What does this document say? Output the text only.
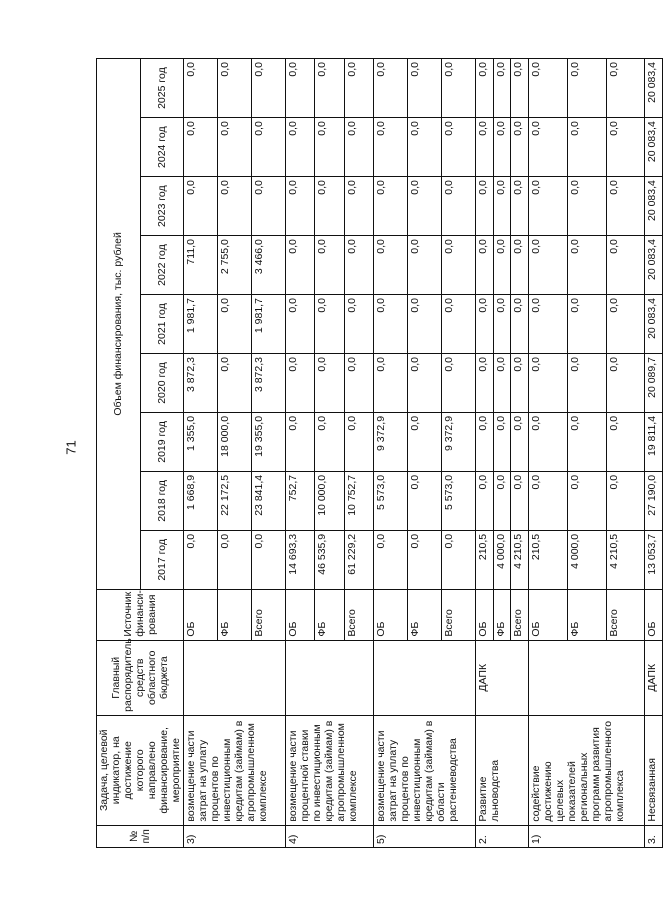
71
№ п/п	Задача, целевой индикатор, на достижение которого направлено финансирование, мероприятие	Главный распорядитель средств областного бюджета	Источник финанси-рования	Объем финансирования, тыс. рублей								
				2017 год	2018 год	2019 год	2020 год	2021 год	2022 год	2023 год	2024 год	2025 год
3)	возмещение части затрат на уплату процентов по инвестиционным кредитам (займам) в агропромышленном комплексе		ОБ	0,0	1 668,9	1 355,0	3 872,3	1 981,7	711,0	0,0	0,0	0,0
			ФБ	0,0	22 172,5	18 000,0	0,0	0,0	2 755,0	0,0	0,0	0,0
			Всего	0,0	23 841,4	19 355,0	3 872,3	1 981,7	3 466,0	0,0	0,0	0,0
4)	возмещение части процентной ставки по инвестиционным кредитам (займам) в агропромышленном комплексе		ОБ	14 693,3	752,7	0,0	0,0	0,0	0,0	0,0	0,0	0,0
			ФБ	46 535,9	10 000,0	0,0	0,0	0,0	0,0	0,0	0,0	0,0
			Всего	61 229,2	10 752,7	0,0	0,0	0,0	0,0	0,0	0,0	0,0
5)	возмещение части затрат на уплату процентов по инвестиционным кредитам (займам) в области растениеводства		ОБ	0,0	5 573,0	9 372,9	0,0	0,0	0,0	0,0	0,0	0,0
			ФБ	0,0	0,0	0,0	0,0	0,0	0,0	0,0	0,0	0,0
			Всего	0,0	5 573,0	9 372,9	0,0	0,0	0,0	0,0	0,0	0,0
2.	Развитие льноводства	ДАПК	ОБ	210,5	0,0	0,0	0,0	0,0	0,0	0,0	0,0	0,0
			ФБ	4 000,0	0,0	0,0	0,0	0,0	0,0	0,0	0,0	0,0
			Всего	4 210,5	0,0	0,0	0,0	0,0	0,0	0,0	0,0	0,0
1)	содействие достижению целевых показателей региональных программ развития агропромышленного комплекса		ОБ	210,5	0,0	0,0	0,0	0,0	0,0	0,0	0,0	0,0
			ФБ	4 000,0	0,0	0,0	0,0	0,0	0,0	0,0	0,0	0,0
			Всего	4 210,5	0,0	0,0	0,0	0,0	0,0	0,0	0,0	0,0
3.	Несвязанная	ДАПК	ОБ	13 053,7	27 190,0	19 811,4	20 089,7	20 083,4	20 083,4	20 083,4	20 083,4	20 083,4
